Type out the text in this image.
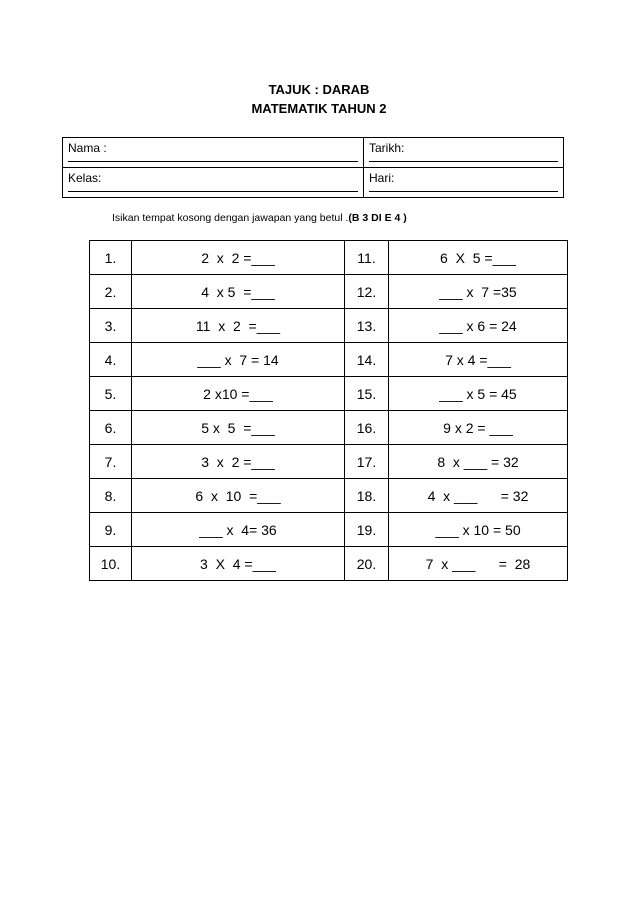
TAJUK : DARAB
MATEMATIK TAHUN 2
Nama :	Tarikh:

Kelas:	Hari:
Isikan tempat kosong dengan jawapan yang betul .(B 3 DI E 4 )
1.	2  x  2 =___	11.	6  X  5 =___
2.	4  x 5  =___	12.	___ x  7 =35
3.	11  x  2  =___	13.	___ x 6 = 24
4.	___ x  7 = 14	14.	7 x 4 =___
5.	2 x10 =___	15.	___ x 5 = 45
6.	5 x  5  =___	16.	9 x 2 = ___
7.	3  x  2 =___	17.	8  x ___ = 32
8.	6  x  10  =___	18.	4  x ___      = 32
9.	___ x  4= 36	19.	___ x 10 = 50
10.	3  X  4 =___	20.	7  x ___      =  28
